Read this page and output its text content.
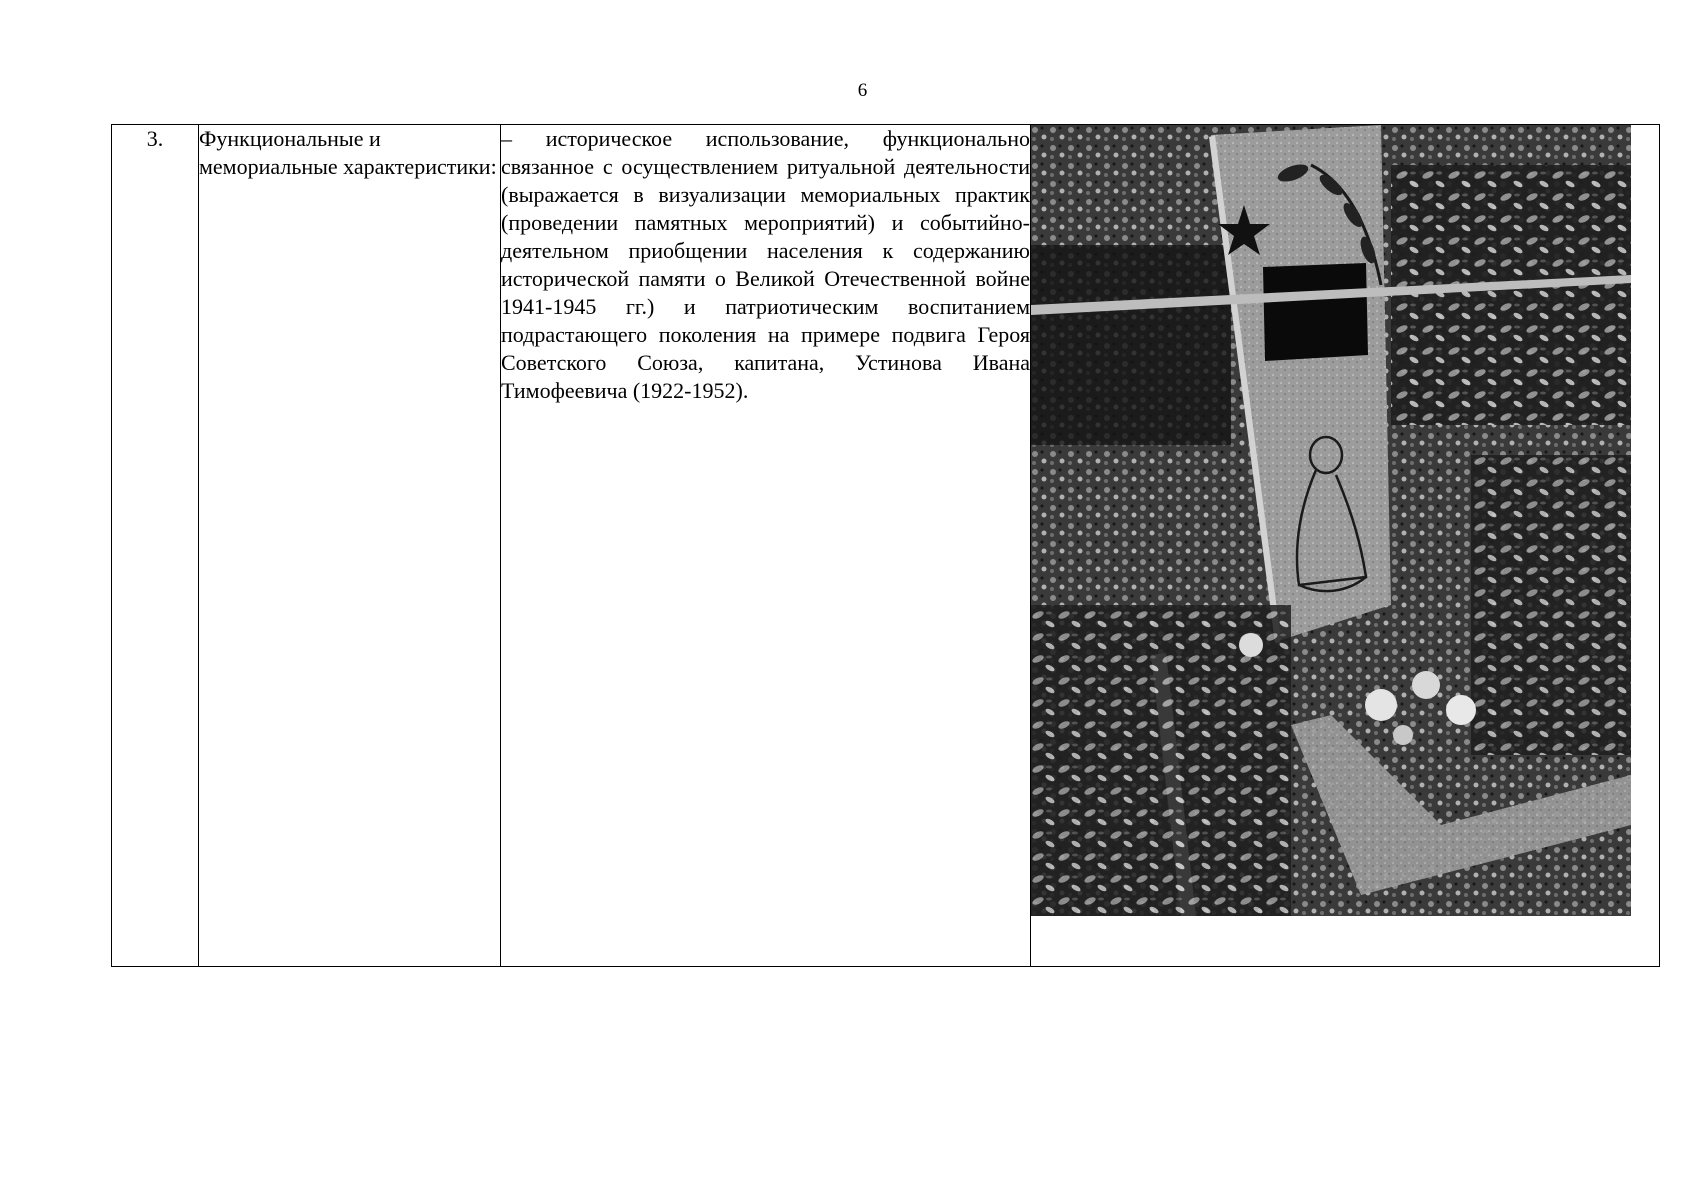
6
3.	Функциональные и мемориальные характеристики:	– историческое использование, функционально связанное с осуществлением ритуальной деятельности (выражается в визуализации мемориальных практик (проведении памятных мероприятий) и событийно-деятельном приобщении населения к содержанию исторической памяти о Великой Отечественной войне 1941-1945 гг.) и патриотическим воспитанием подрастающего поколения на примере подвига Героя Советского Союза, капитана, Устинова Ивана Тимофеевича (1922-1952).	
